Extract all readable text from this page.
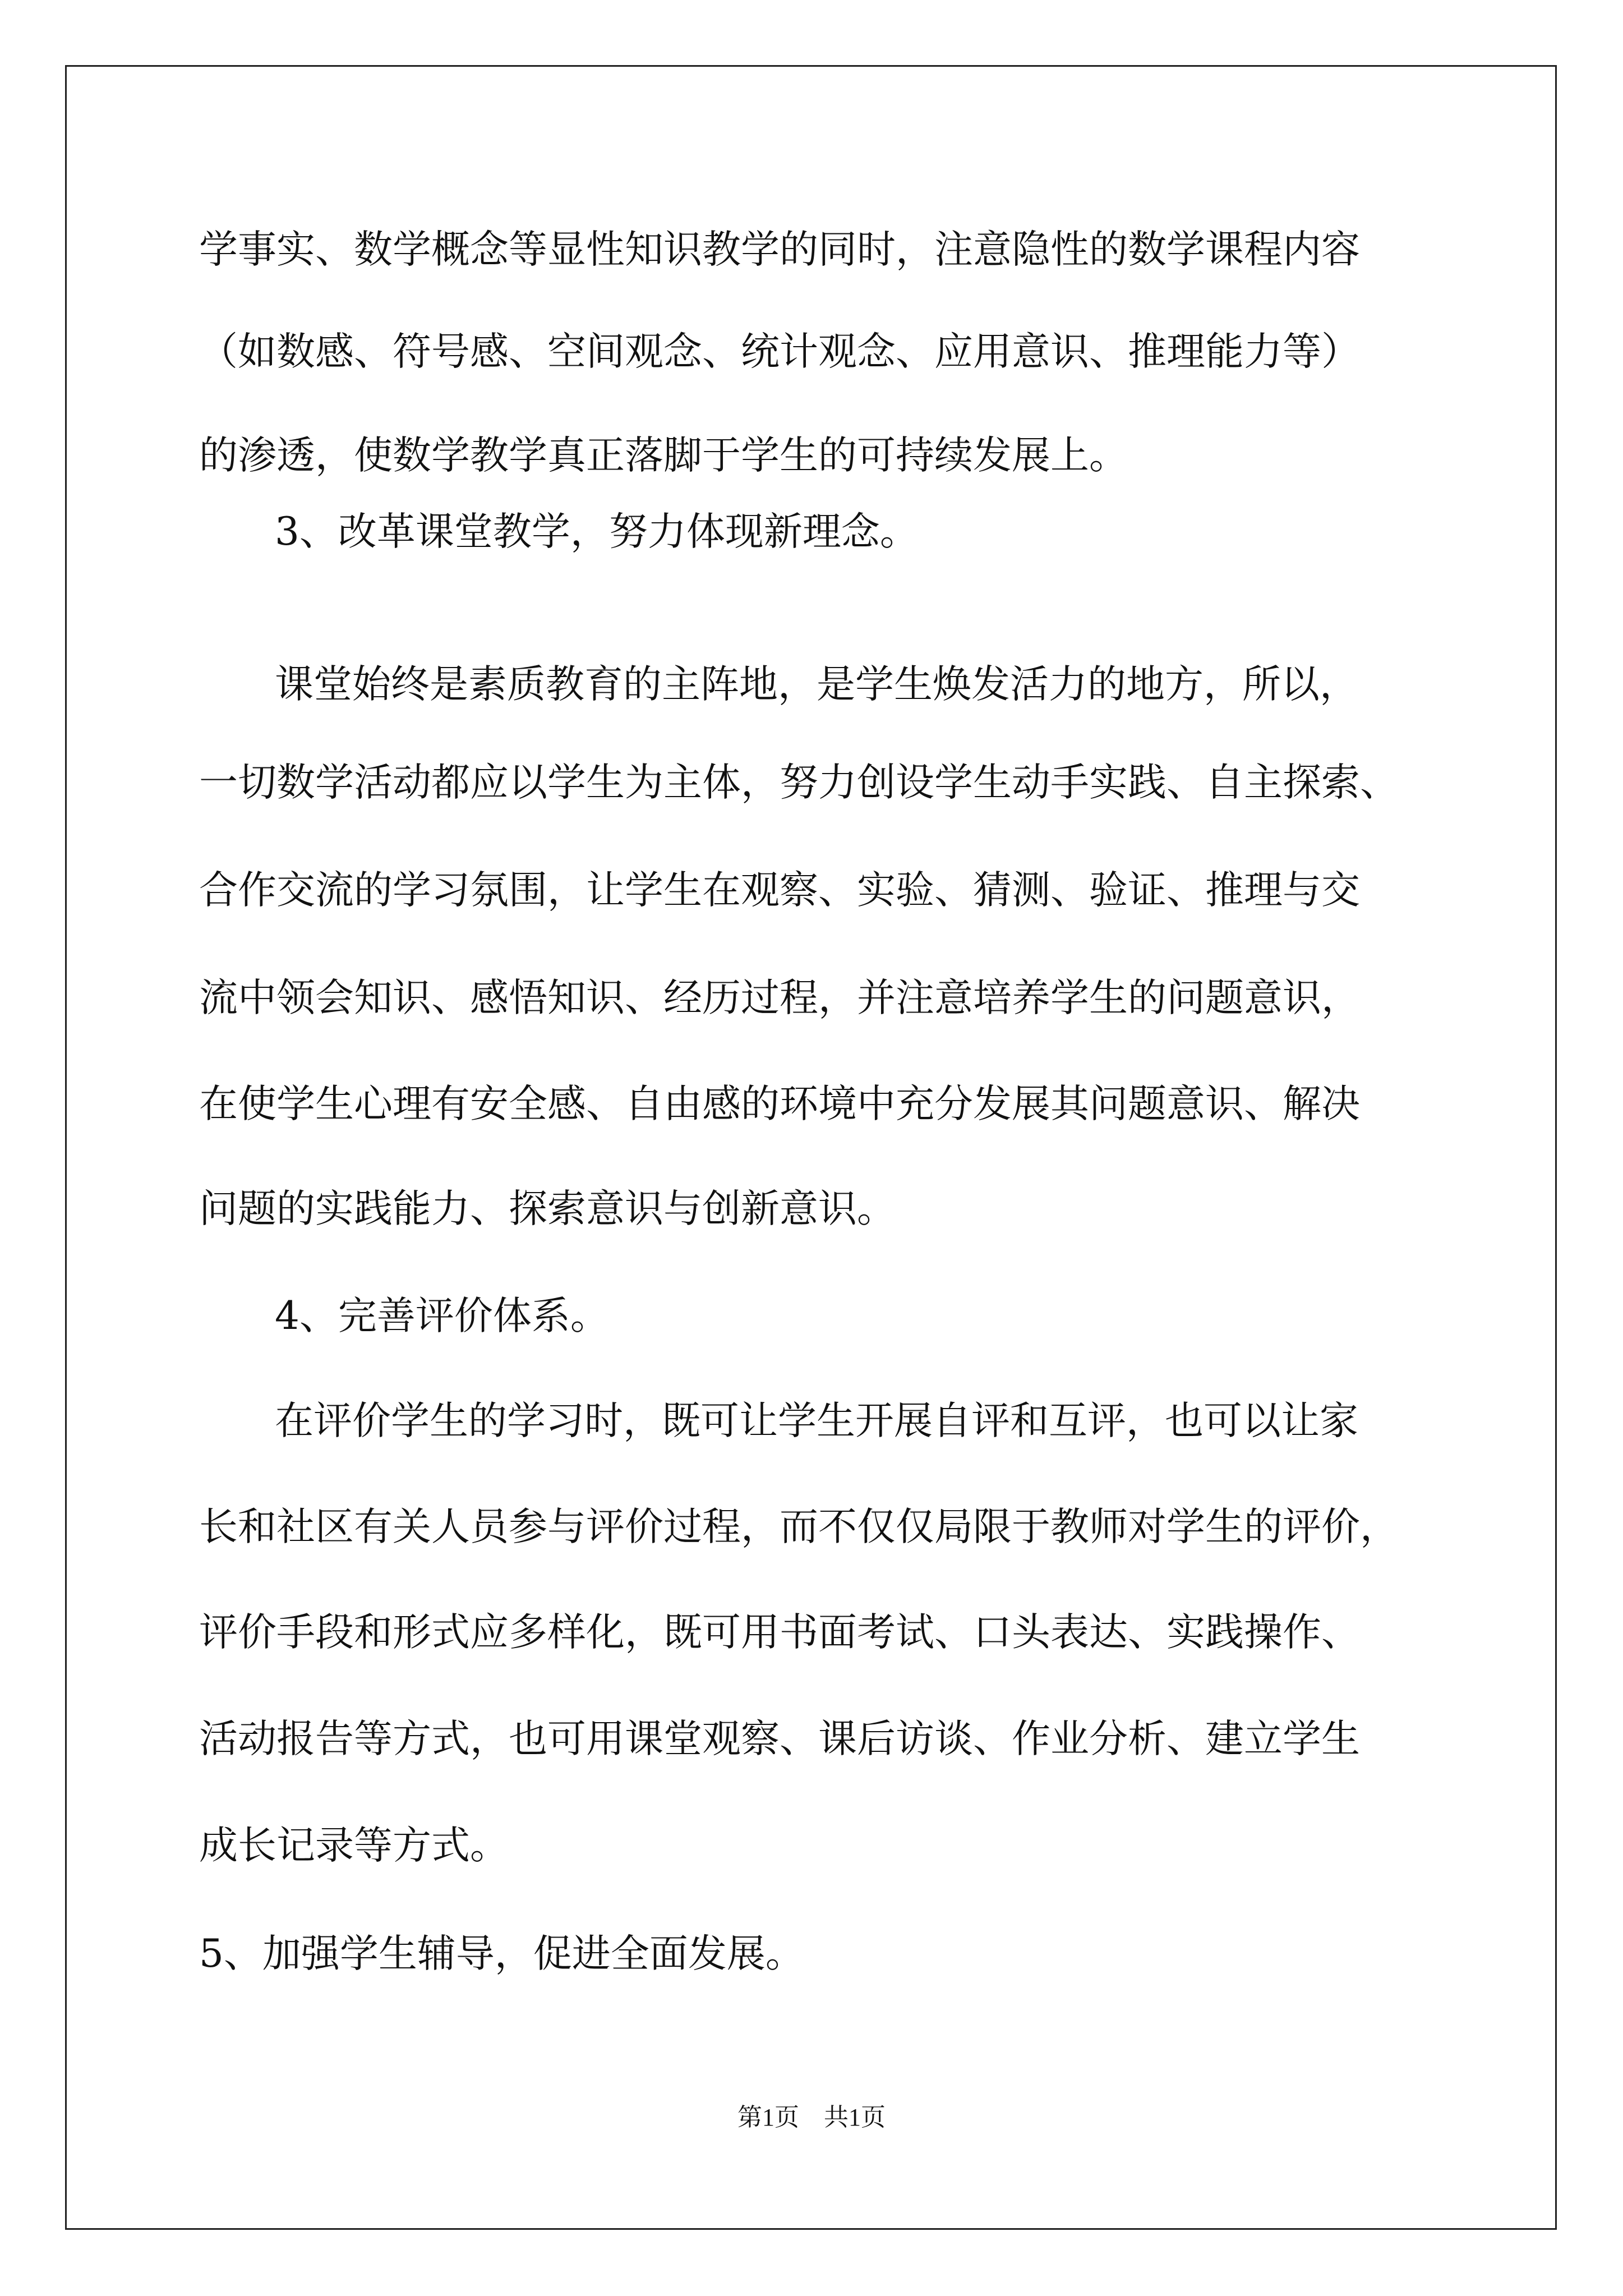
学事实、数学概念等显性知识教学的同时，注意隐性的数学课程内容
（如数感、符号感、空间观念、统计观念、应用意识、推理能力等）
的渗透，使数学教学真正落脚于学生的可持续发展上。
3、改革课堂教学，努力体现新理念。
课堂始终是素质教育的主阵地，是学生焕发活力的地方，所以，
一切数学活动都应以学生为主体，努力创设学生动手实践、自主探索、
合作交流的学习氛围，让学生在观察、实验、猜测、验证、推理与交
流中领会知识、感悟知识、经历过程，并注意培养学生的问题意识，
在使学生心理有安全感、自由感的环境中充分发展其问题意识、解决
问题的实践能力、探索意识与创新意识。
4、完善评价体系。
在评价学生的学习时，既可让学生开展自评和互评，也可以让家
长和社区有关人员参与评价过程，而不仅仅局限于教师对学生的评价，
评价手段和形式应多样化，既可用书面考试、口头表达、实践操作、
活动报告等方式，也可用课堂观察、课后访谈、作业分析、建立学生
成长记录等方式。
5、加强学生辅导，促进全面发展。
第1页　共1页
